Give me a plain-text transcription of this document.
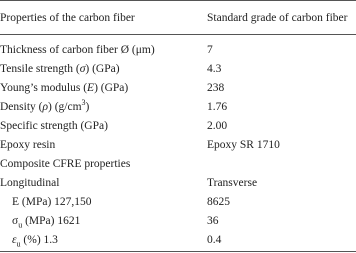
Properties of the carbon fiber	Standard grade of carbon fiber
Thickness of carbon fiber Ø (μm)	7
Tensile strength (σ) (GPa)	4.3
Young’s modulus (E) (GPa)	238
Density (ρ) $(g/cm^3)$	1.76
Specific strength (GPa)	2.00
Epoxy resin	Epoxy SR 1710
Composite CFRE properties
Longitudinal	Transverse
E (MPa) 127,150	8625
$\sigma_u$ (MPa) 1621	36
$\varepsilon_u$ (%) 1.3	0.4
